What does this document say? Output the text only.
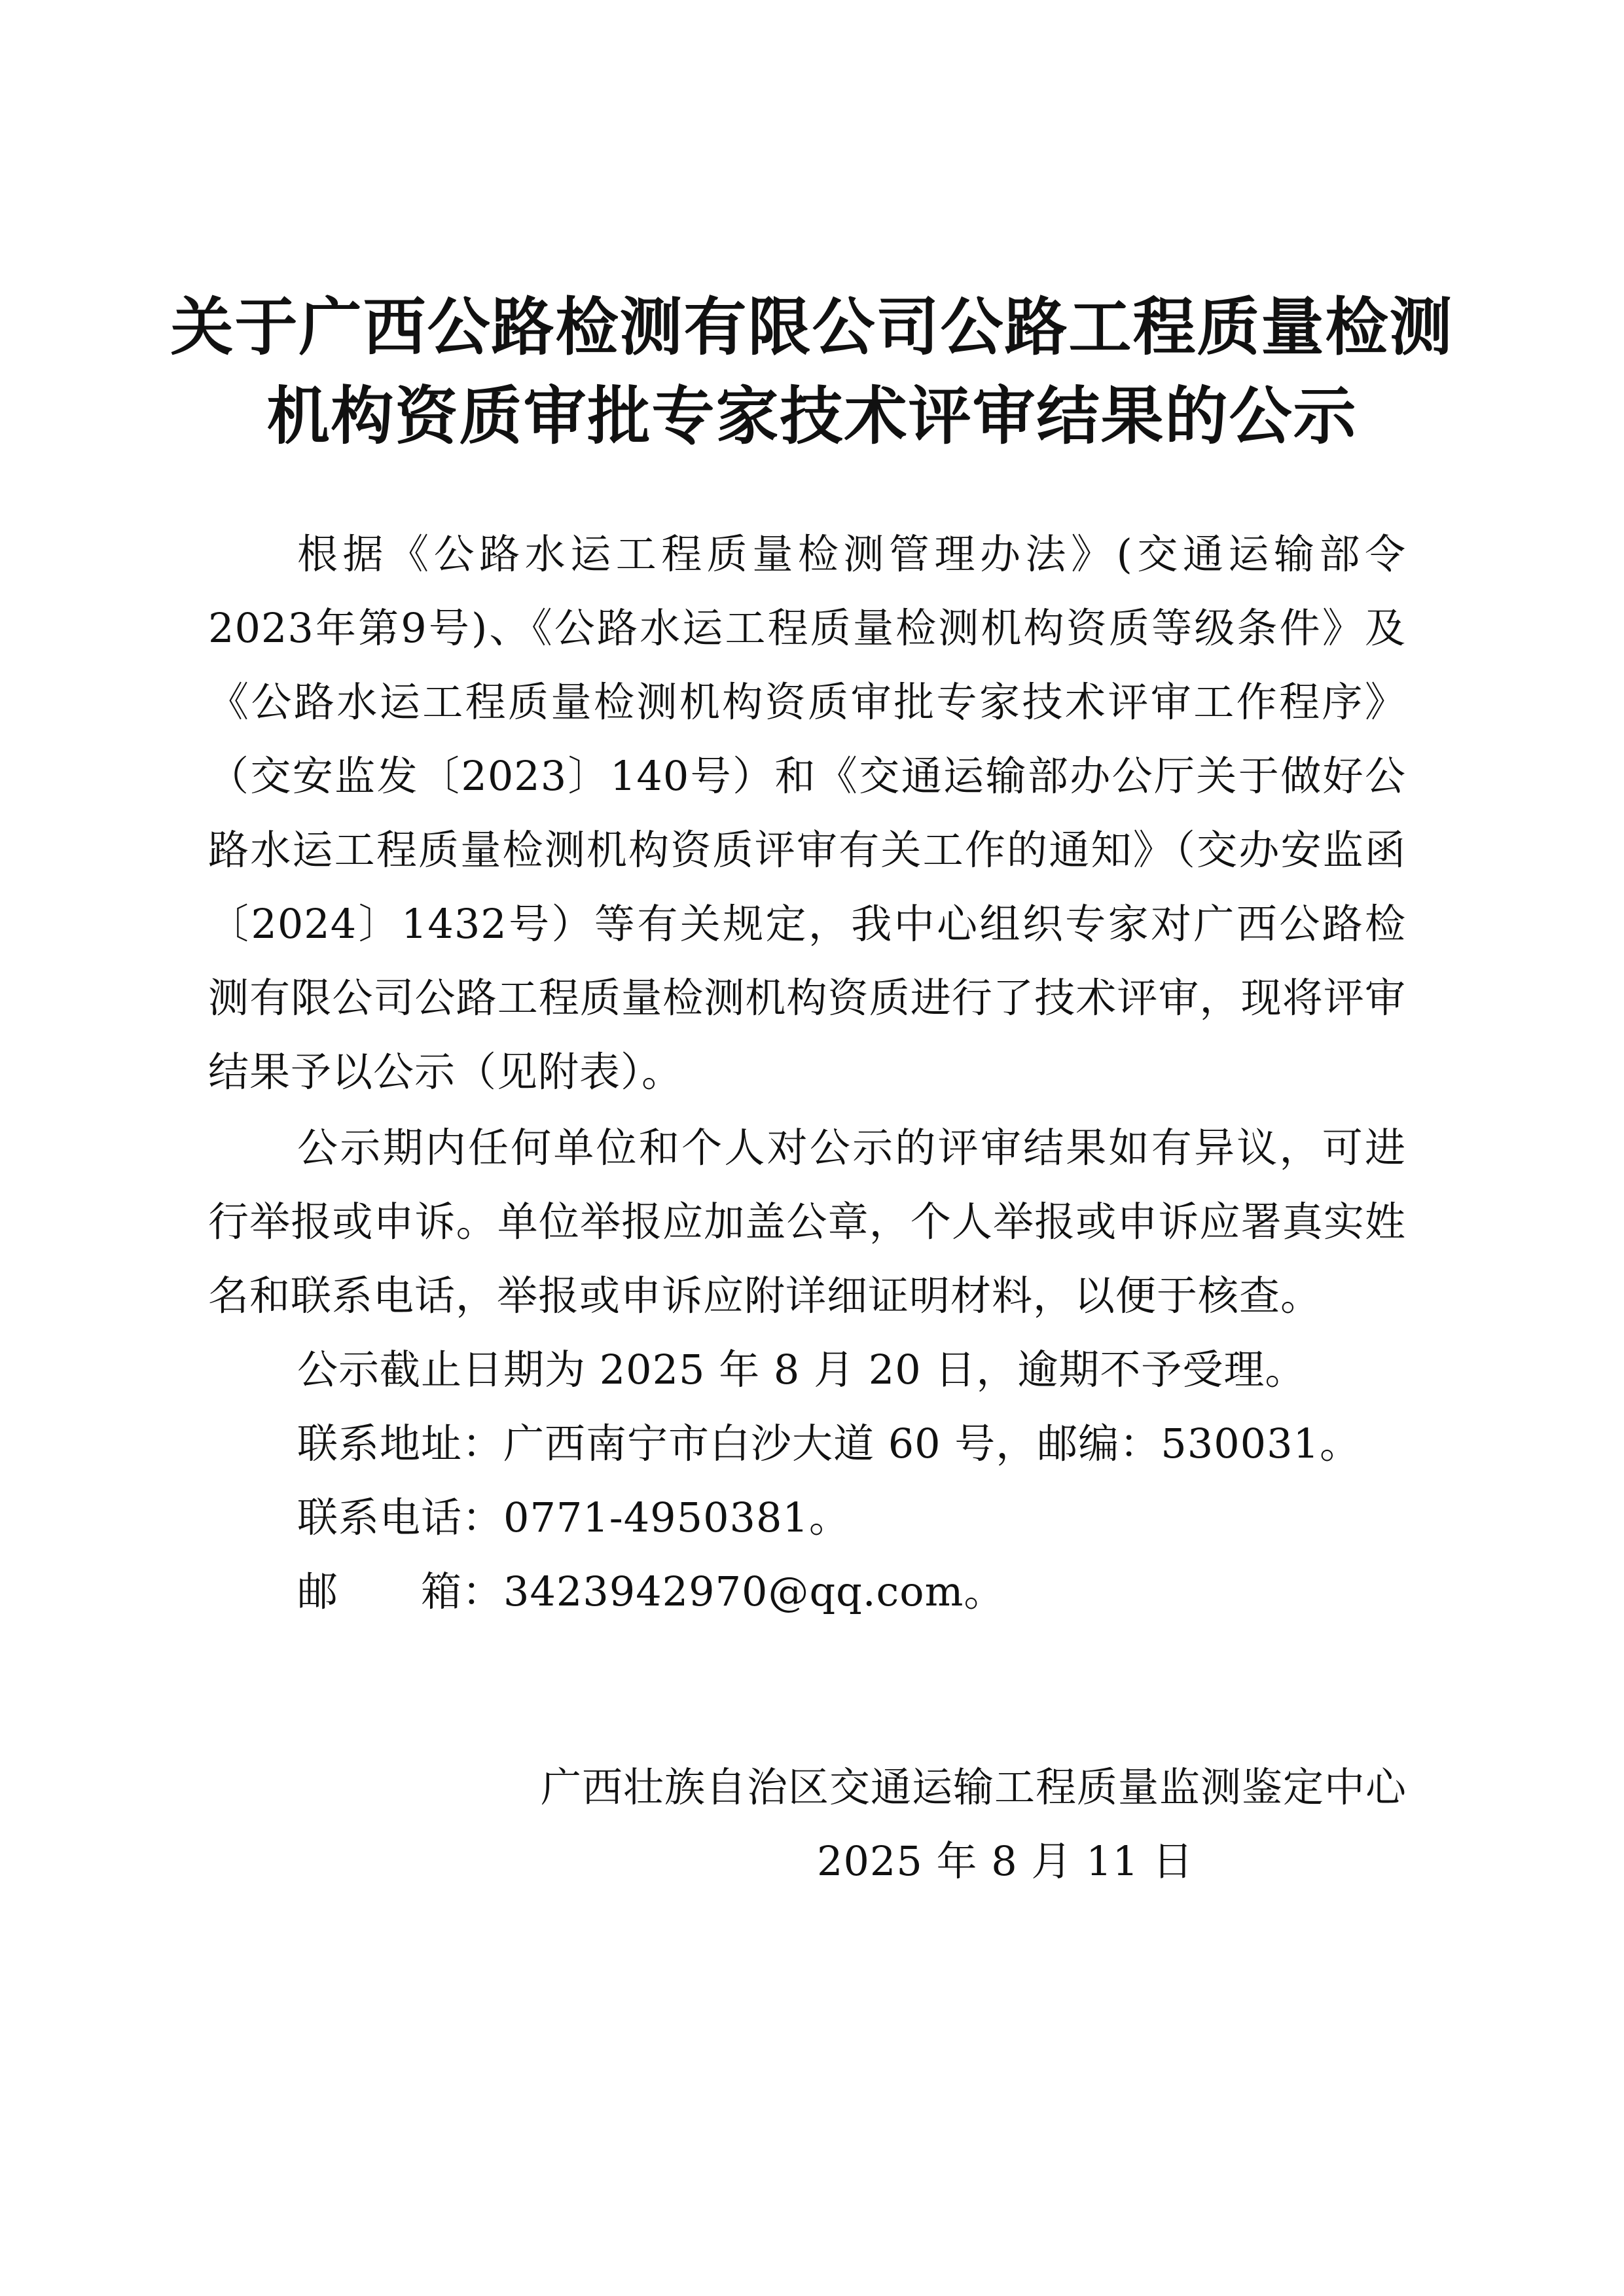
关于广西公路检测有限公司公路工程质量检测
机构资质审批专家技术评审结果的公示
根据《公路水运工程质量检测管理办法》(交通运输部令2023年第9号)、《公路水运工程质量检测机构资质等级条件》及《公路水运工程质量检测机构资质审批专家技术评审工作程序》（交安监发〔2023〕140号）和《交通运输部办公厅关于做好公路水运工程质量检测机构资质评审有关工作的通知》（交办安监函〔2024〕1432号）等有关规定，我中心组织专家对广西公路检测有限公司公路工程质量检测机构资质进行了技术评审，现将评审结果予以公示（见附表）。
公示期内任何单位和个人对公示的评审结果如有异议，可进行举报或申诉。单位举报应加盖公章，个人举报或申诉应署真实姓名和联系电话，举报或申诉应附详细证明材料，以便于核查。
公示截止日期为 2025 年 8 月 20 日，逾期不予受理。
联系地址：广西南宁市白沙大道 60 号，邮编：530031。
联系电话：0771-4950381。
邮　　箱：3423942970@qq.com。
广西壮族自治区交通运输工程质量监测鉴定中心
2025 年 8 月 11 日
